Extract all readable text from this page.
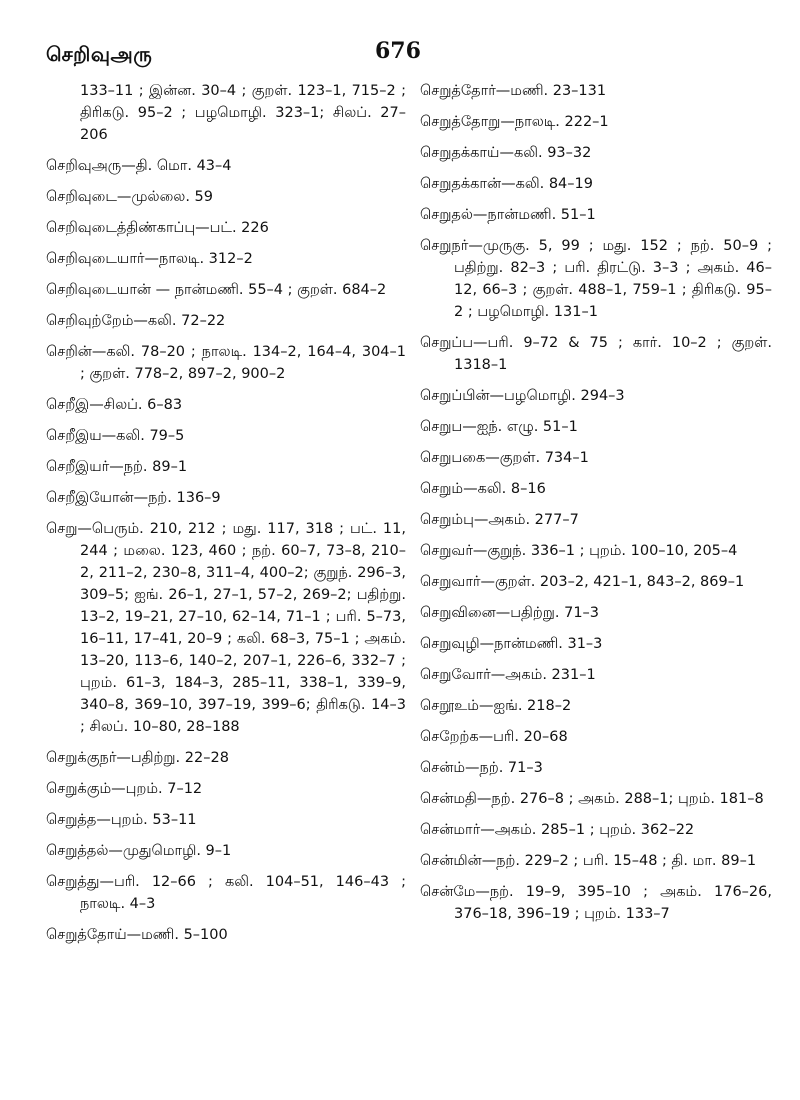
செறிவுஅரு	676

133–11 ; இன்ன. 30–4 ; குறள். 123–1, 715–2 ; திரிகடு. 95–2 ; பழமொழி. 323–1; சிலப். 27–206

செறிவுஅரு—தி. மொ. 43–4

செறிவுடை—முல்லை. 59

செறிவுடைத்திண்காப்பு—பட். 226

செறிவுடையார்—நாலடி. 312–2

செறிவுடையான் — நான்மணி. 55–4 ; குறள். 684–2

செறிவுற்றேம்—கலி. 72–22

செறின்—கலி. 78–20 ; நாலடி. 134–2, 164–4, 304–1 ; குறள். 778–2, 897–2, 900–2

செறீஇ—சிலப். 6–83

செறீஇய—கலி. 79–5

செறீஇயர்—நற். 89–1

செறீஇயோன்—நற். 136–9

செறு—பெரும். 210, 212 ; மது. 117, 318 ; பட். 11, 244 ; மலை. 123, 460 ; நற். 60–7, 73–8, 210–2, 211–2, 230–8, 311–4, 400–2; குறுந். 296–3, 309–5; ஐங். 26–1, 27–1, 57–2, 269–2; பதிற்று. 13–2, 19–21, 27–10, 62–14, 71–1 ; பரி. 5–73, 16–11, 17–41, 20–9 ; கலி. 68–3, 75–1 ; அகம். 13–20, 113–6, 140–2, 207–1, 226–6, 332–7 ; புறம். 61–3, 184–3, 285–11, 338–1, 339–9, 340–8, 369–10, 397–19, 399–6; திரிகடு. 14–3 ; சிலப். 10–80, 28–188

செறுக்குநர்—பதிற்று. 22–28

செறுக்கும்—புறம். 7–12

செறுத்த—புறம். 53–11

செறுத்தல்—முதுமொழி. 9–1

செறுத்து—பரி. 12–66 ; கலி. 104–51, 146–43 ; நாலடி. 4–3

செறுத்தோய்—மணி. 5–100

செறுத்தோர்—மணி. 23–131

செறுத்தோறு—நாலடி. 222–1

செறுதக்காய்—கலி. 93–32

செறுதக்கான்—கலி. 84–19

செறுதல்—நான்மணி. 51–1

செறுநர்—முருகு. 5, 99 ; மது. 152 ; நற். 50–9 ; பதிற்று. 82–3 ; பரி. திரட்டு. 3–3 ; அகம். 46–12, 66–3 ; குறள். 488–1, 759–1 ; திரிகடு. 95–2 ; பழமொழி. 131–1

செறுப்ப—பரி. 9–72 & 75 ; கார். 10–2 ; குறள். 1318–1

செறுப்பின்—பழமொழி. 294–3

செறுப—ஐந். எழு. 51–1

செறுபகை—குறள். 734–1

செறும்—கலி. 8–16

செறும்பு—அகம். 277–7

செறுவர்—குறுந். 336–1 ; புறம். 100–10, 205–4

செறுவார்—குறள். 203–2, 421–1, 843–2, 869–1

செறுவினை—பதிற்று. 71–3

செறுவுழி—நான்மணி. 31–3

செறுவோர்—அகம். 231–1

செறூஉம்—ஐங். 218–2

செறேற்க—பரி. 20–68

சென்ம்—நற். 71–3

சென்மதி—நற். 276–8 ; அகம். 288–1; புறம். 181–8

சென்மார்—அகம். 285–1 ; புறம். 362–22

சென்மின்—நற். 229–2 ; பரி. 15–48 ; தி. மா. 89–1

சென்மே—நற். 19–9, 395–10 ; அகம். 176–26, 376–18, 396–19 ; புறம். 133–7
